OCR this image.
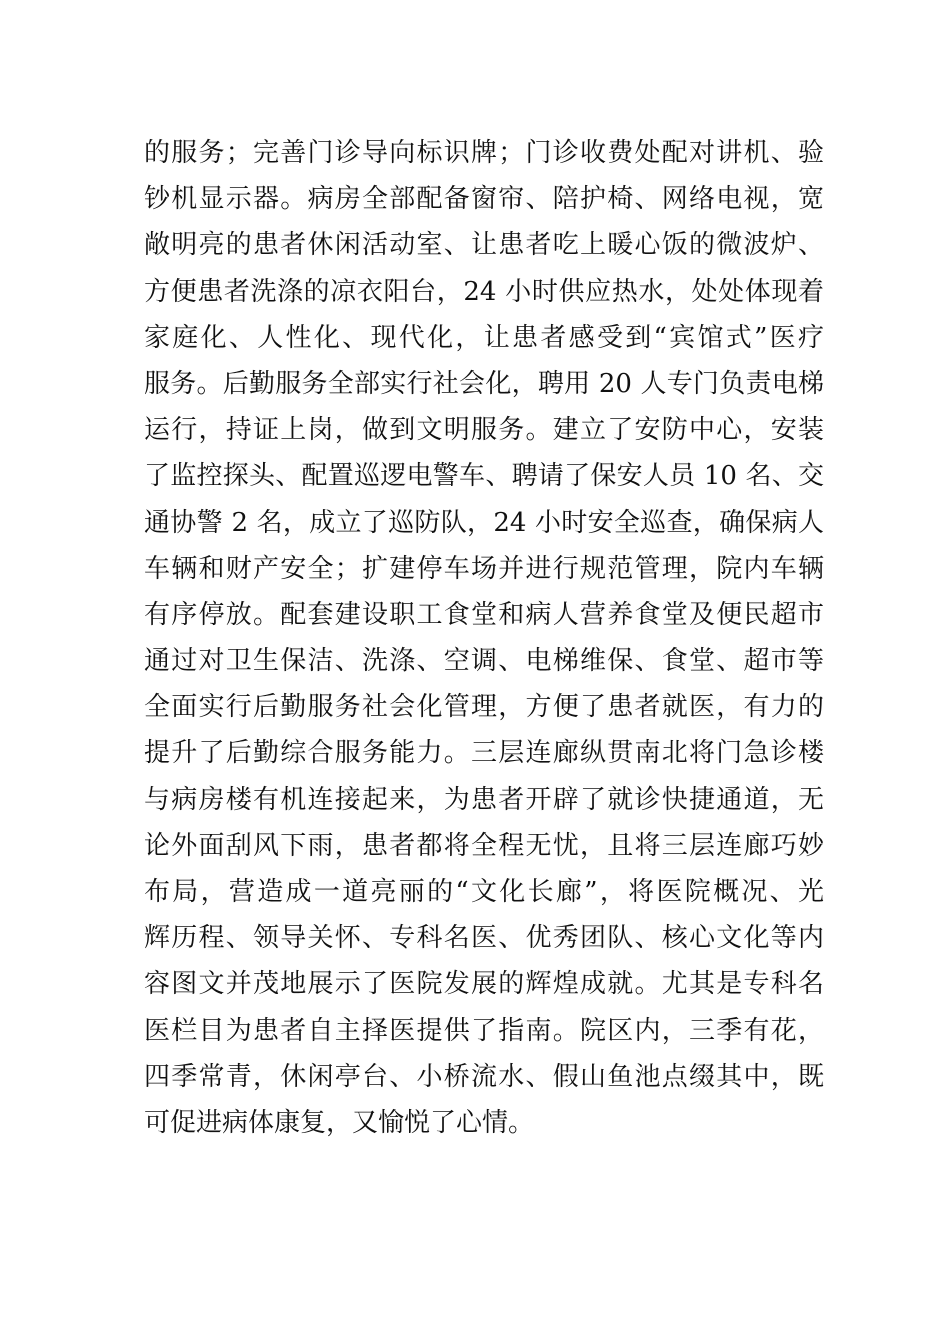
的服务；完善门诊导向标识牌；门诊收费处配对讲机、验
钞机显示器。病房全部配备窗帘、陪护椅、网络电视，宽
敞明亮的患者休闲活动室、让患者吃上暖心饭的微波炉、
方便患者洗涤的凉衣阳台，24 小时供应热水，处处体现着
家庭化、人性化、现代化，让患者感受到“宾馆式”医疗
服务。后勤服务全部实行社会化，聘用 20 人专门负责电梯
运行，持证上岗，做到文明服务。建立了安防中心，安装
了监控探头、配置巡逻电警车、聘请了保安人员 10 名、交
通协警 2 名，成立了巡防队，24 小时安全巡查，确保病人
车辆和财产安全；扩建停车场并进行规范管理，院内车辆
有序停放。配套建设职工食堂和病人营养食堂及便民超市
通过对卫生保洁、洗涤、空调、电梯维保、食堂、超市等
全面实行后勤服务社会化管理，方便了患者就医，有力的
提升了后勤综合服务能力。三层连廊纵贯南北将门急诊楼
与病房楼有机连接起来，为患者开辟了就诊快捷通道，无
论外面刮风下雨，患者都将全程无忧，且将三层连廊巧妙
布局，营造成一道亮丽的“文化长廊”，将医院概况、光
辉历程、领导关怀、专科名医、优秀团队、核心文化等内
容图文并茂地展示了医院发展的辉煌成就。尤其是专科名
医栏目为患者自主择医提供了指南。院区内，三季有花，
四季常青，休闲亭台、小桥流水、假山鱼池点缀其中，既
可促进病体康复，又愉悦了心情。
